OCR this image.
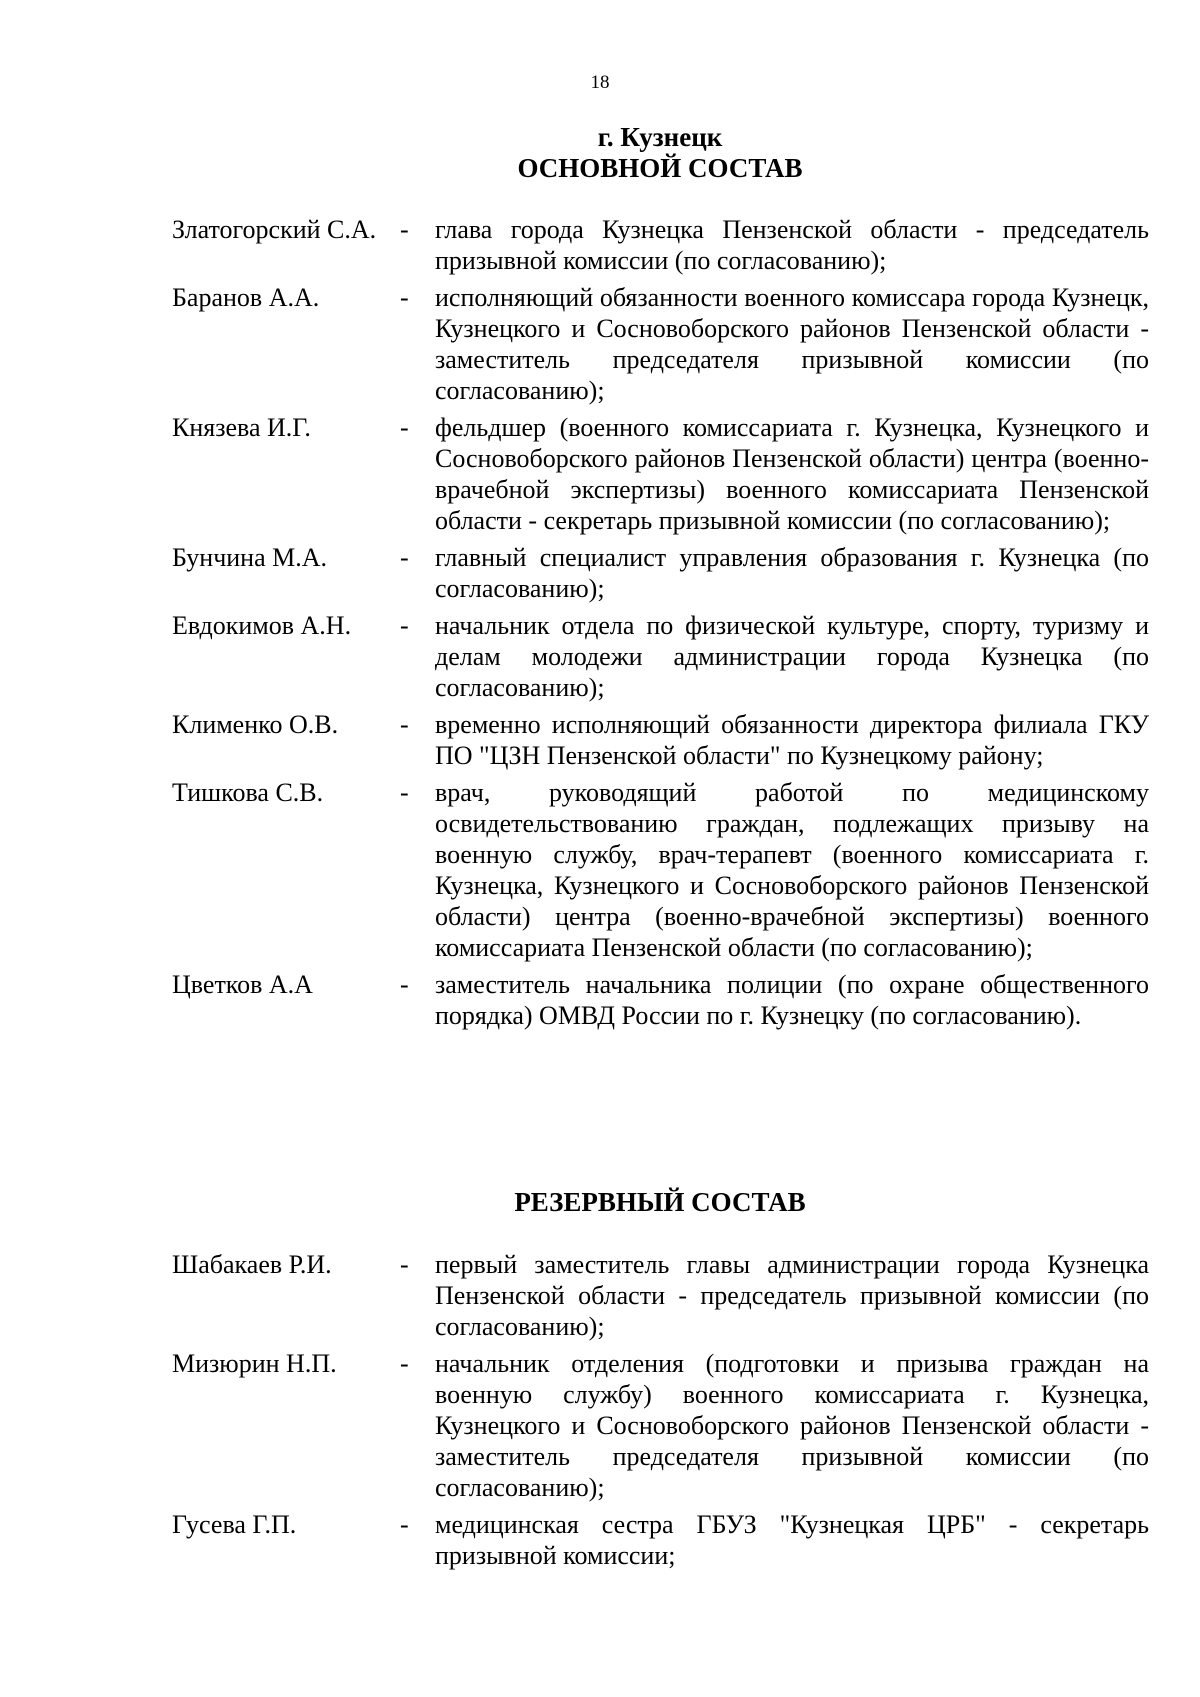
18
г. Кузнецк
ОСНОВНОЙ СОСТАВ
Златогорский С.А. -	глава города Кузнецка Пензенской области - председатель призывной комиссии (по согласованию);
Баранов А.А.	-	исполняющий обязанности военного комиссара города Кузнецк, Кузнецкого и Сосновоборского районов Пензенской области - заместитель председателя призывной комиссии (по согласованию);
Князева И.Г.	-	фельдшер (военного комиссариата г. Кузнецка, Кузнецкого и Сосновоборского районов Пензенской области) центра (военно-врачебной экспертизы) военного комиссариата Пензенской области - секретарь призывной комиссии (по согласованию);
Бунчина М.А.	-	главный специалист управления образования г. Кузнецка (по согласованию);
Евдокимов А.Н.	-	начальник отдела по физической культуре, спорту, туризму и делам молодежи администрации города Кузнецка (по согласованию);
Клименко О.В.	-	временно исполняющий обязанности директора филиала ГКУ ПО "ЦЗН Пензенской области" по Кузнецкому району;
Тишкова С.В.	-	врач, руководящий работой по медицинскому освидетельствованию граждан, подлежащих призыву на военную службу, врач-терапевт (военного комиссариата г. Кузнецка, Кузнецкого и Сосновоборского районов Пензенской области) центра (военно-врачебной экспертизы) военного комиссариата Пензенской области (по согласованию);
Цветков А.А	-	заместитель начальника полиции (по охране общественного порядка) ОМВД России по г. Кузнецку (по согласованию).
РЕЗЕРВНЫЙ СОСТАВ
Шабакаев Р.И.	-	первый заместитель главы администрации города Кузнецка Пензенской области - председатель призывной комиссии (по согласованию);
Мизюрин Н.П.	-	начальник отделения (подготовки и призыва граждан на военную службу) военного комиссариата г. Кузнецка, Кузнецкого и Сосновоборского районов Пензенской области - заместитель председателя призывной комиссии (по согласованию);
Гусева Г.П.	-	медицинская сестра ГБУЗ "Кузнецкая ЦРБ" - секретарь призывной комиссии;
